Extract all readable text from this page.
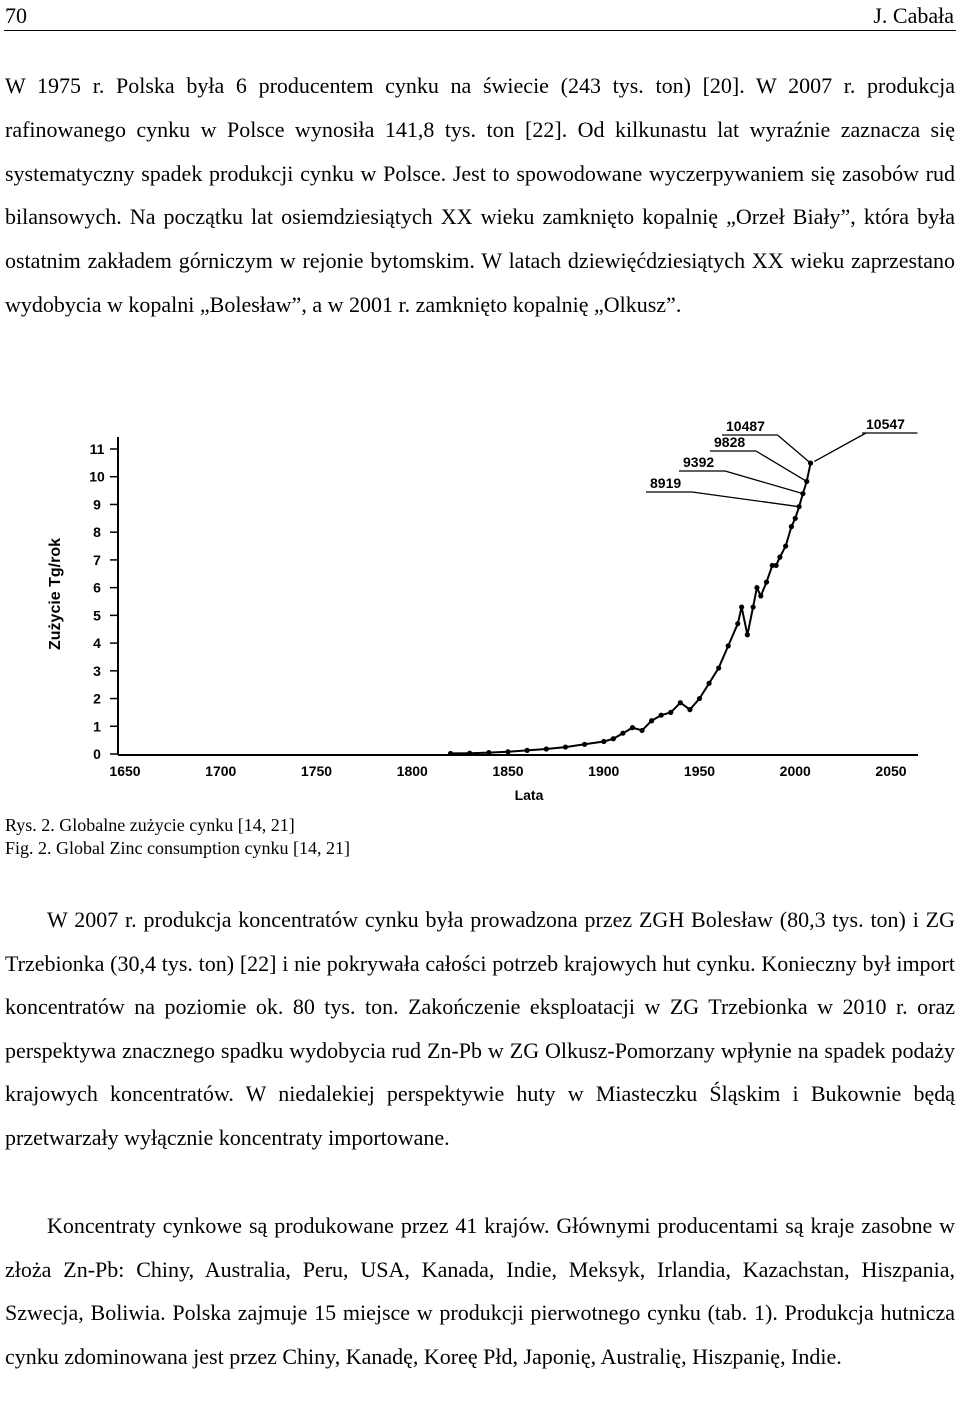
70	J. Cabała

W 1975 r. Polska była 6 producentem cynku na świecie (243 tys. ton) [20]. W 2007 r. produkcja rafinowanego cynku w Polsce wynosiła 141,8 tys. ton [22]. Od kilkunastu lat wyraźnie zaznacza się systematyczny spadek produkcji cynku w Polsce. Jest to spowodowane wyczerpywaniem się zasobów rud bilansowych. Na początku lat osiemdziesiątych XX wieku zamknięto kopalnię „Orzeł Biały”, która była ostatnim zakładem górniczym w rejonie bytomskim. W latach dziewięćdziesiątych XX wieku zaprzestano wydobycia w kopalni „Bolesław”, a w 2001 r. zamknięto kopalnię „Olkusz”.

0
1
2
3
4
5
6
7
8
9
10
11
1650	1700	1750	1800	1850	1900	1950	2000	2050
10487
9828
9392
8919
10547
Zużycie Tg/rok
Lata

Rys. 2. Globalne zużycie cynku [14, 21]

Fig. 2. Global Zinc consumption cynku [14, 21]

W 2007 r. produkcja koncentratów cynku była prowadzona przez ZGH Bolesław (80,3 tys. ton) i ZG Trzebionka (30,4 tys. ton) [22] i nie pokrywała całości potrzeb krajowych hut cynku. Konieczny był import koncentratów na poziomie ok. 80 tys. ton. Zakończenie eksploatacji w ZG Trzebionka w 2010 r. oraz perspektywa znacznego spadku wydobycia rud Zn-Pb w ZG Olkusz-Pomorzany wpłynie na spadek podaży krajowych koncentratów. W niedalekiej perspektywie huty w Miasteczku Śląskim i Bukownie będą przetwarzały wyłącznie koncentraty importowane.

Koncentraty cynkowe są produkowane przez 41 krajów. Głównymi producentami są kraje zasobne w złoża Zn-Pb: Chiny, Australia, Peru, USA, Kanada, Indie, Meksyk, Irlandia, Kazachstan, Hiszpania, Szwecja, Boliwia. Polska zajmuje 15 miejsce w produkcji pierwotnego cynku (tab. 1). Produkcja hutnicza cynku zdominowana jest przez Chiny, Kanadę, Koreę Płd, Japonię, Australię, Hiszpanię, Indie.
